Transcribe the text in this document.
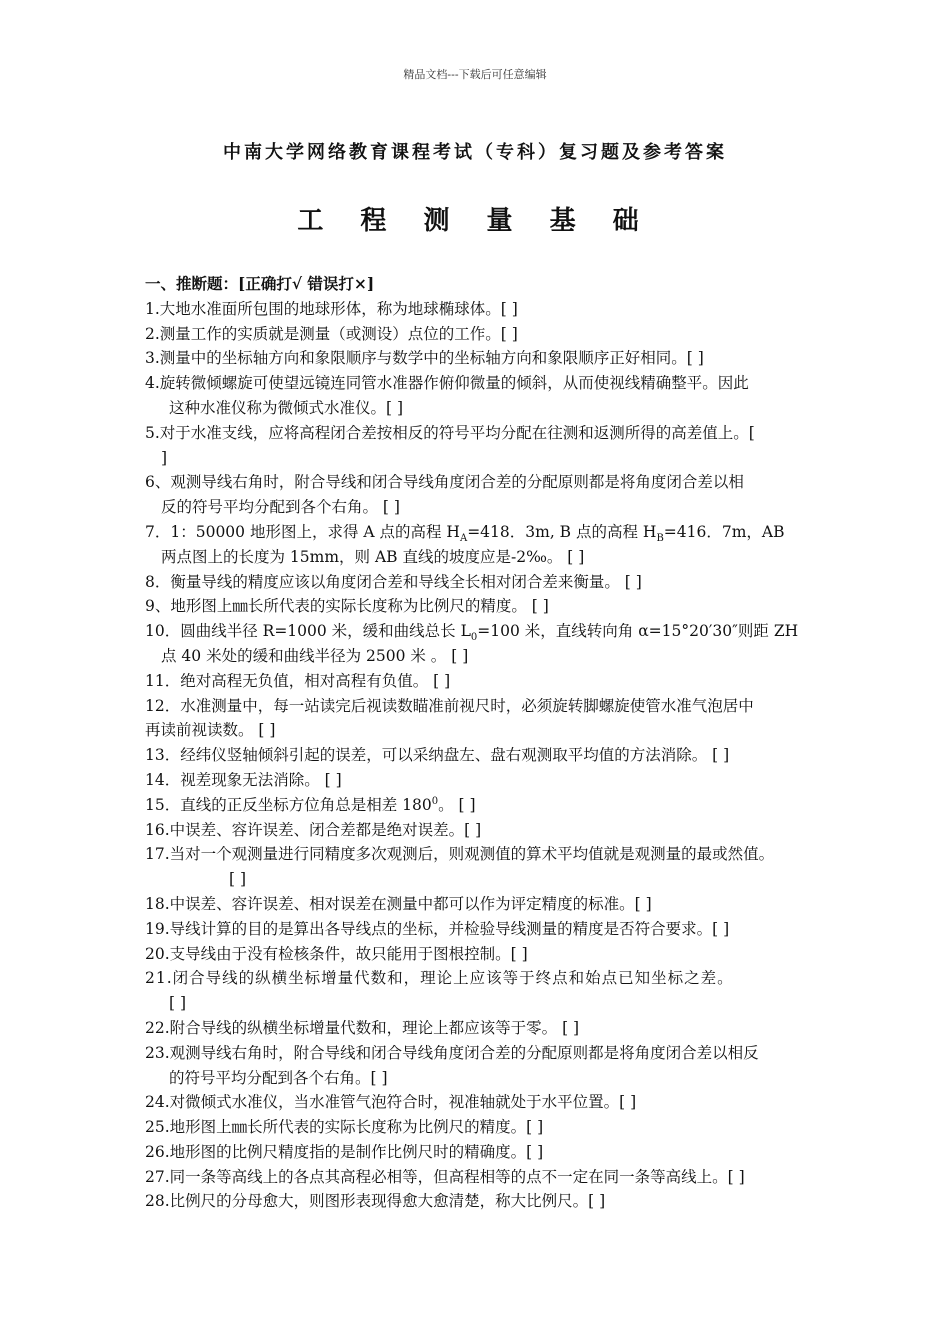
精品文档---下载后可任意编辑
中南大学网络教育课程考试（专科）复习题及参考答案
工 程 测 量 基 础
一、推断题：[正确打√ 错误打×]
1.大地水准面所包围的地球形体，称为地球椭球体。[ ]
2.测量工作的实质就是测量（或测设）点位的工作。[ ]
3.测量中的坐标轴方向和象限顺序与数学中的坐标轴方向和象限顺序正好相同。[ ]
4.旋转微倾螺旋可使望远镜连同管水准器作俯仰微量的倾斜，从而使视线精确整平。因此
这种水准仪称为微倾式水准仪。[ ]
5.对于水准支线，应将高程闭合差按相反的符号平均分配在往测和返测所得的高差值上。[
]
6、观测导线右角时，附合导线和闭合导线角度闭合差的分配原则都是将角度闭合差以相
反的符号平均分配到各个右角。 [ ]
7．1：50000 地形图上，求得 A 点的高程 $H_A=418$．3m, B 点的高程 $H_B=416$．7m，AB
两点图上的长度为 15mm，则 AB 直线的坡度应是-2‰。 [ ]
8．衡量导线的精度应该以角度闭合差和导线全长相对闭合差来衡量。 [ ]
9、地形图上㎜长所代表的实际长度称为比例尺的精度。 [ ]
10．圆曲线半径 R=1000 米，缓和曲线总长 $L_0=100$ 米，直线转向角 α=15°20′30″则距 ZH
点 40 米处的缓和曲线半径为 2500 米 。 [ ]
11．绝对高程无负值，相对高程有负值。 [ ]
12．水准测量中，每一站读完后视读数瞄准前视尺时，必须旋转脚螺旋使管水准气泡居中
再读前视读数。 [ ]
13．经纬仪竖轴倾斜引起的误差，可以采纳盘左、盘右观测取平均值的方法消除。 [ ]
14．视差现象无法消除。 [ ]
15．直线的正反坐标方位角总是相差 $180^0$。 [ ]
16.中误差、容许误差、闭合差都是绝对误差。[ ]
17.当对一个观测量进行同精度多次观测后，则观测值的算术平均值就是观测量的最或然值。
[ ]
18.中误差、容许误差、相对误差在测量中都可以作为评定精度的标准。[ ]
19.导线计算的目的是算出各导线点的坐标，并检验导线测量的精度是否符合要求。[ ]
20.支导线由于没有检核条件，故只能用于图根控制。[ ]
21.闭合导线的纵横坐标增量代数和，理论上应该等于终点和始点已知坐标之差。
[ ]
22.附合导线的纵横坐标增量代数和，理论上都应该等于零。 [ ]
23.观测导线右角时，附合导线和闭合导线角度闭合差的分配原则都是将角度闭合差以相反
的符号平均分配到各个右角。[ ]
24.对微倾式水准仪，当水准管气泡符合时，视准轴就处于水平位置。[ ]
25.地形图上㎜长所代表的实际长度称为比例尺的精度。[ ]
26.地形图的比例尺精度指的是制作比例尺时的精确度。[ ]
27.同一条等高线上的各点其高程必相等，但高程相等的点不一定在同一条等高线上。[ ]
28.比例尺的分母愈大，则图形表现得愈大愈清楚，称大比例尺。[ ]
